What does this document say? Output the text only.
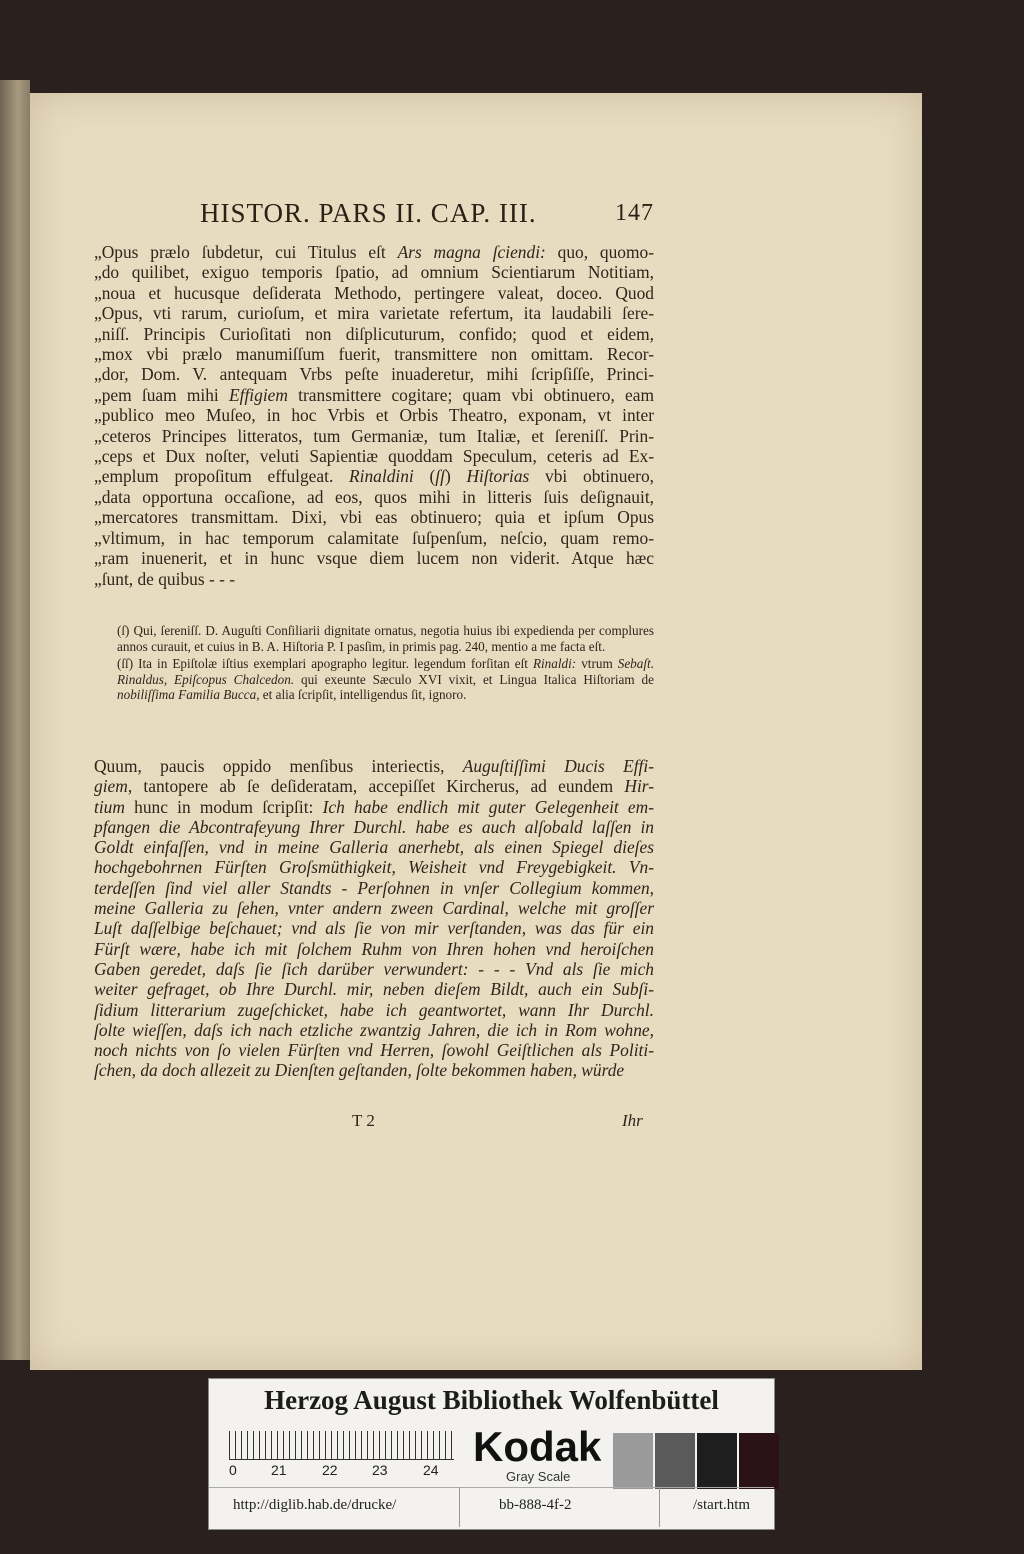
HISTOR. PARS II. CAP. III.	147
„Opus prælo ſubdetur, cui Titulus eſt Ars magna ſciendi: quo, quomo-
„do quilibet, exiguo temporis ſpatio, ad omnium Scientiarum Notitiam,
„noua et hucusque deſiderata Methodo, pertingere valeat, doceo. Quod
„Opus, vti rarum, curioſum, et mira varietate refertum, ita laudabili ſere-
„niſſ. Principis Curioſitati non diſplicuturum, confido; quod et eidem,
„mox vbi prælo manumiſſum fuerit, transmittere non omittam. Recor-
„dor, Dom. V. antequam Vrbs peſte inuaderetur, mihi ſcripſiſſe, Princi-
„pem ſuam mihi Effigiem transmittere cogitare; quam vbi obtinuero, eam
„publico meo Muſeo, in hoc Vrbis et Orbis Theatro, exponam, vt inter
„ceteros Principes litteratos, tum Germaniæ, tum Italiæ, et ſereniſſ. Prin-
„ceps et Dux noſter, veluti Sapientiæ quoddam Speculum, ceteris ad Ex-
„emplum propoſitum effulgeat. Rinaldini (ſſ) Hiſtorias vbi obtinuero,
„data opportuna occaſione, ad eos, quos mihi in litteris ſuis deſignauit,
„mercatores transmittam. Dixi, vbi eas obtinuero; quia et ipſum Opus
„vltimum, in hac temporum calamitate ſuſpenſum, neſcio, quam remo-
„ram inuenerit, et in hunc vsque diem lucem non viderit. Atque hæc
„ſunt, de quibus - - -

(ſ) Qui, ſereniſſ. D. Auguſti Conſiliarii dignitate ornatus, negotia huius ibi expedienda per complures annos curauit, et cuius in B. A. Hiſtoria P. I pasſim, in primis pag. 240, mentio a me facta eſt.

(ſſ) Ita in Epiſtolæ iſtius exemplari apographo legitur. legendum forſitan eſt Rinaldi: vtrum Sebaſt. Rinaldus, Epiſcopus Chalcedon. qui exeunte Sæculo XVI vixit, et Lingua Italica Hiſtoriam de nobiliſſima Familia Bucca, et alia ſcripſit, intelligendus ſit, ignoro.

Quum, paucis oppido menſibus interiectis, Auguſtiſſimi Ducis Effi-
giem, tantopere ab ſe deſideratam, accepiſſet Kircherus, ad eundem Hir-
tium hunc in modum ſcripſit: Ich habe endlich mit guter Gelegenheit em-
pfangen die Abcontrafeyung Ihrer Durchl. habe es auch alſobald laſſen in
Goldt einfaſſen, vnd in meine Galleria anerhebt, als einen Spiegel dieſes
hochgebohrnen Fürſten Groſsmüthigkeit, Weisheit vnd Freygebigkeit. Vn-
terdeſſen ſind viel aller Standts - Perſohnen in vnſer Collegium kommen,
meine Galleria zu ſehen, vnter andern zween Cardinal, welche mit groſſer
Luſt daſſelbige beſchauet; vnd als ſie von mir verſtanden, was das für ein
Fürſt wære, habe ich mit ſolchem Ruhm von Ihren hohen vnd heroiſchen
Gaben geredet, daſs ſie ſich darüber verwundert: - - - Vnd als ſie mich
weiter gefraget, ob Ihre Durchl. mir, neben dieſem Bildt, auch ein Subſi-
ſidium litterarium zugeſchicket, habe ich geantwortet, wann Ihr Durchl.
ſolte wieſſen, daſs ich nach etzliche zwantzig Jahren, die ich in Rom wohne,
noch nichts von ſo vielen Fürſten vnd Herren, ſowohl Geiſtlichen als Politi-
ſchen, da doch allezeit zu Dienſten geſtanden, ſolte bekommen haben, würde
T 2	Ihr
Herzog August Bibliothek Wolfenbüttel
0 21	22 23	24 Kodak
Gray Scale
http://diglib.hab.de/drucke/	bb-888-4f-2	/start.htm
